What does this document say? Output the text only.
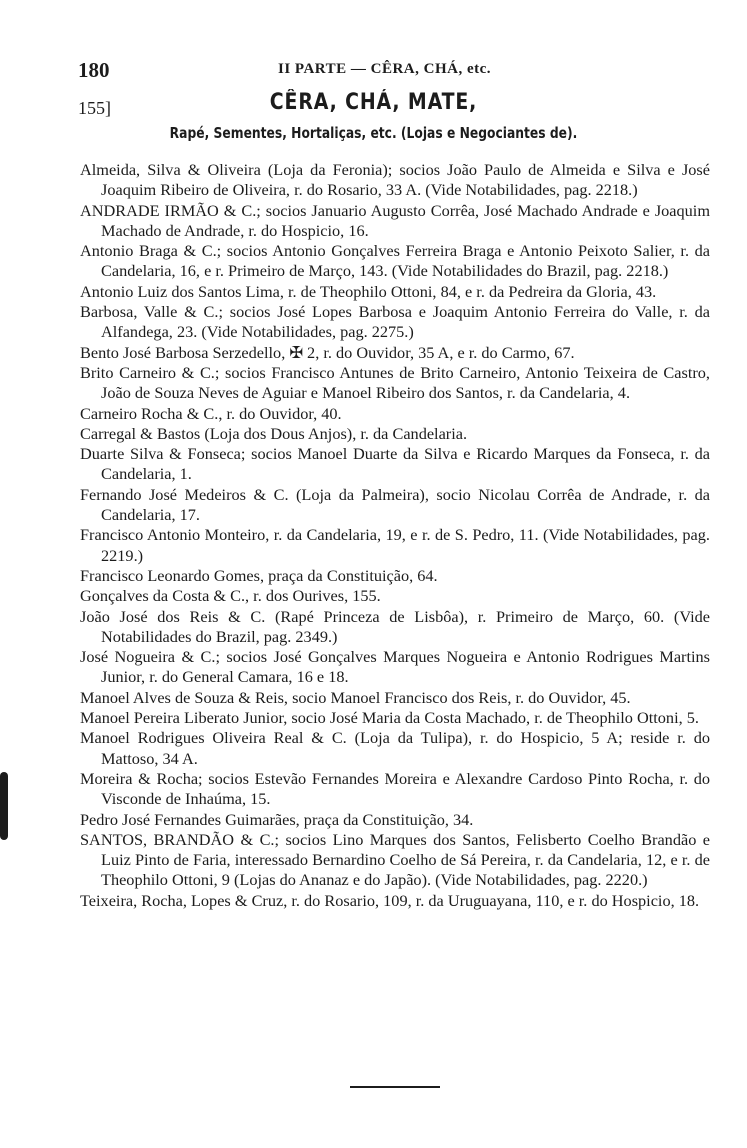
180	II PARTE — CÊRA, CHÁ, etc.
155]	CÊRA, CHÁ, MATE,
Rapé, Sementes, Hortaliças, etc. (Lojas e Negociantes de).
Almeida, Silva & Oliveira (Loja da Feronia); socios João Paulo de Almeida e Silva e José Joaquim Ribeiro de Oliveira, r. do Rosario, 33 A. (Vide Notabilidades, pag. 2218.)
ANDRADE IRMÃO & C.; socios Januario Augusto Corrêa, José Machado Andrade e Joaquim Machado de Andrade, r. do Hospicio, 16.
Antonio Braga & C.; socios Antonio Gonçalves Ferreira Braga e Antonio Peixoto Salier, r. da Candelaria, 16, e r. Primeiro de Março, 143. (Vide Notabilidades do Brazil, pag. 2218.)
Antonio Luiz dos Santos Lima, r. de Theophilo Ottoni, 84, e r. da Pedreira da Gloria, 43.
Barbosa, Valle & C.; socios José Lopes Barbosa e Joaquim Antonio Ferreira do Valle, r. da Alfandega, 23. (Vide Notabilidades, pag. 2275.)
Bento José Barbosa Serzedello, ✠ 2, r. do Ouvidor, 35 A, e r. do Carmo, 67.
Brito Carneiro & C.; socios Francisco Antunes de Brito Carneiro, Antonio Teixeira de Castro, João de Souza Neves de Aguiar e Manoel Ribeiro dos Santos, r. da Candelaria, 4.
Carneiro Rocha & C., r. do Ouvidor, 40.
Carregal & Bastos (Loja dos Dous Anjos), r. da Candelaria.
Duarte Silva & Fonseca; socios Manoel Duarte da Silva e Ricardo Marques da Fonseca, r. da Candelaria, 1.
Fernando José Medeiros & C. (Loja da Palmeira), socio Nicolau Corrêa de Andrade, r. da Candelaria, 17.
Francisco Antonio Monteiro, r. da Candelaria, 19, e r. de S. Pedro, 11. (Vide Notabilidades, pag. 2219.)
Francisco Leonardo Gomes, praça da Constituição, 64.
Gonçalves da Costa & C., r. dos Ourives, 155.
João José dos Reis & C. (Rapé Princeza de Lisbôa), r. Primeiro de Março, 60. (Vide Notabilidades do Brazil, pag. 2349.)
José Nogueira & C.; socios José Gonçalves Marques Nogueira e Antonio Rodrigues Martins Junior, r. do General Camara, 16 e 18.
Manoel Alves de Souza & Reis, socio Manoel Francisco dos Reis, r. do Ouvidor, 45.
Manoel Pereira Liberato Junior, socio José Maria da Costa Machado, r. de Theophilo Ottoni, 5.
Manoel Rodrigues Oliveira Real & C. (Loja da Tulipa), r. do Hospicio, 5 A; reside r. do Mattoso, 34 A.
Moreira & Rocha; socios Estevão Fernandes Moreira e Alexandre Cardoso Pinto Rocha, r. do Visconde de Inhaúma, 15.
Pedro José Fernandes Guimarães, praça da Constituição, 34.
SANTOS, BRANDÃO & C.; socios Lino Marques dos Santos, Felisberto Coelho Brandão e Luiz Pinto de Faria, interessado Bernardino Coelho de Sá Pereira, r. da Candelaria, 12, e r. de Theophilo Ottoni, 9 (Lojas do Ananaz e do Japão). (Vide Notabilidades, pag. 2220.)
Teixeira, Rocha, Lopes & Cruz, r. do Rosario, 109, r. da Uruguayana, 110, e r. do Hospicio, 18.
